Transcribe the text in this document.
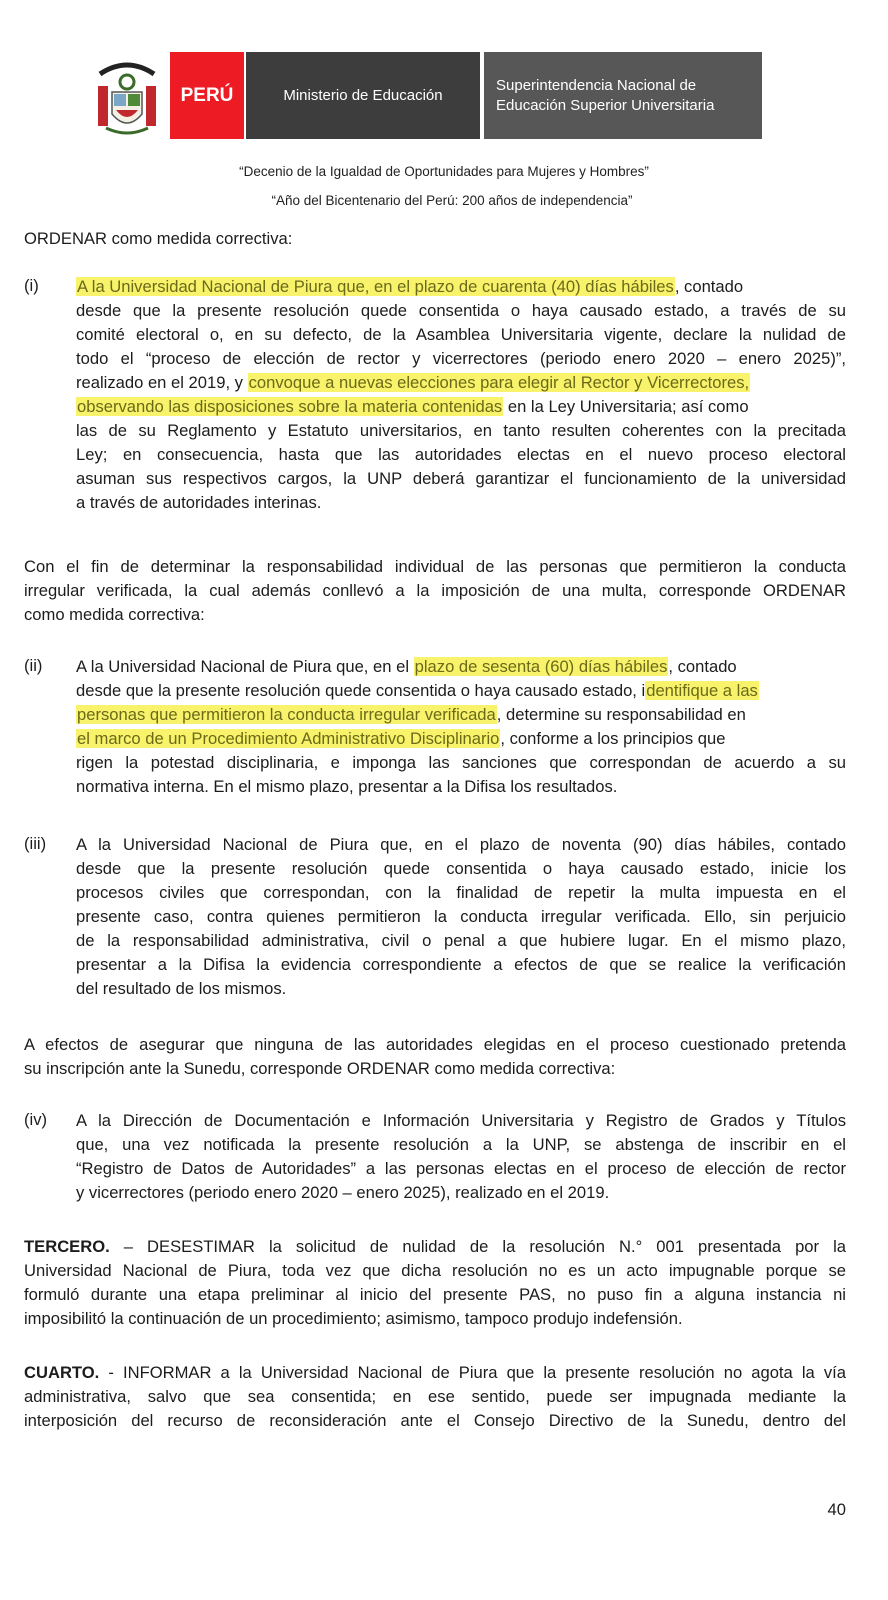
PERÚ	Ministerio de Educación
Superintendencia Nacional de
Educación Superior Universitaria
“Decenio de la Igualdad de Oportunidades para Mujeres y Hombres”
“Año del Bicentenario del Perú: 200 años de independencia”
ORDENAR como medida correctiva:
(i) A la Universidad Nacional de Piura que, en el plazo de cuarenta (40) días hábiles, contado
desde que la presente resolución quede consentida o haya causado estado, a través de su
comité electoral o, en su defecto, de la Asamblea Universitaria vigente, declare la nulidad de
todo el “proceso de elección de rector y vicerrectores (periodo enero 2020 – enero 2025)”,
realizado en el 2019, y convoque a nuevas elecciones para elegir al Rector y Vicerrectores,
observando las disposiciones sobre la materia contenidas en la Ley Universitaria; así como
las de su Reglamento y Estatuto universitarios, en tanto resulten coherentes con la precitada
Ley; en consecuencia, hasta que las autoridades electas en el nuevo proceso electoral
asuman sus respectivos cargos, la UNP deberá garantizar el funcionamiento de la universidad
a través de autoridades interinas.
Con el fin de determinar la responsabilidad individual de las personas que permitieron la conducta
irregular verificada, la cual además conllevó a la imposición de una multa, corresponde ORDENAR
como medida correctiva:
(ii) A la Universidad Nacional de Piura que, en el plazo de sesenta (60) días hábiles, contado
desde que la presente resolución quede consentida o haya causado estado, identifique a las
personas que permitieron la conducta irregular verificada, determine su responsabilidad en
el marco de un Procedimiento Administrativo Disciplinario, conforme a los principios que
rigen la potestad disciplinaria, e imponga las sanciones que correspondan de acuerdo a su
normativa interna. En el mismo plazo, presentar a la Difisa los resultados.
(iii) A la Universidad Nacional de Piura que, en el plazo de noventa (90) días hábiles, contado
desde que la presente resolución quede consentida o haya causado estado, inicie los
procesos civiles que correspondan, con la finalidad de repetir la multa impuesta en el
presente caso, contra quienes permitieron la conducta irregular verificada. Ello, sin perjuicio
de la responsabilidad administrativa, civil o penal a que hubiere lugar. En el mismo plazo,
presentar a la Difisa la evidencia correspondiente a efectos de que se realice la verificación
del resultado de los mismos.
A efectos de asegurar que ninguna de las autoridades elegidas en el proceso cuestionado pretenda
su inscripción ante la Sunedu, corresponde ORDENAR como medida correctiva:
(iv) A la Dirección de Documentación e Información Universitaria y Registro de Grados y Títulos
que, una vez notificada la presente resolución a la UNP, se abstenga de inscribir en el
“Registro de Datos de Autoridades” a las personas electas en el proceso de elección de rector
y vicerrectores (periodo enero 2020 – enero 2025), realizado en el 2019.
TERCERO. – DESESTIMAR la solicitud de nulidad de la resolución N.° 001 presentada por la
Universidad Nacional de Piura, toda vez que dicha resolución no es un acto impugnable porque se
formuló durante una etapa preliminar al inicio del presente PAS, no puso fin a alguna instancia ni
imposibilitó la continuación de un procedimiento; asimismo, tampoco produjo indefensión.
CUARTO. - INFORMAR a la Universidad Nacional de Piura que la presente resolución no agota la vía
administrativa, salvo que sea consentida; en ese sentido, puede ser impugnada mediante la
interposición del recurso de reconsideración ante el Consejo Directivo de la Sunedu, dentro del
40
